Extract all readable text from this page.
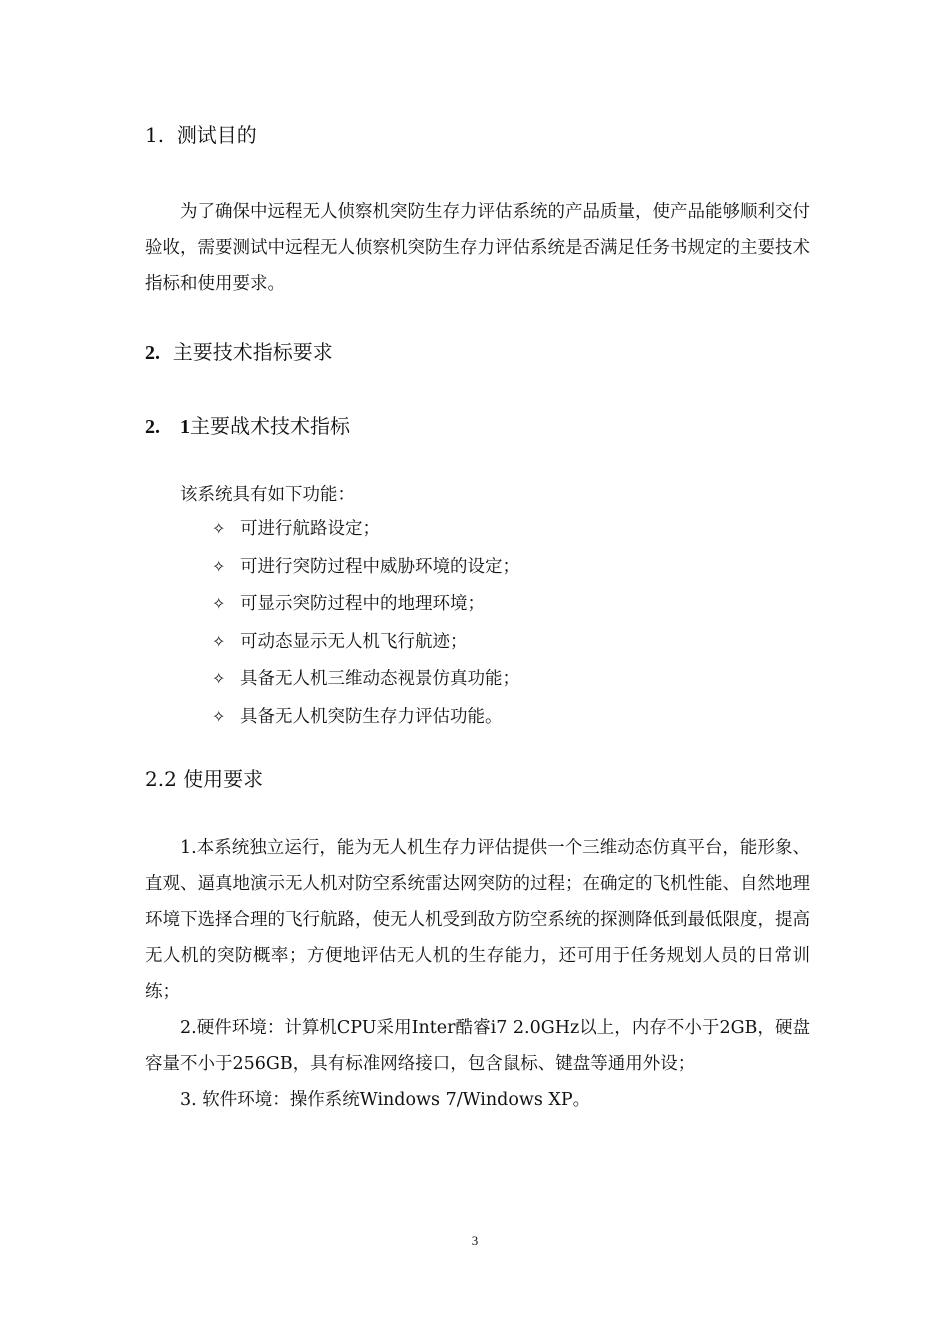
1. 测试目的
为了确保中远程无人侦察机突防生存力评估系统的产品质量，使产品能够顺利交付验收，需要测试中远程无人侦察机突防生存力评估系统是否满足任务书规定的主要技术指标和使用要求。
2. 主要技术指标要求
2. 1主要战术技术指标
该系统具有如下功能：
✧ 可进行航路设定；
✧ 可进行突防过程中威胁环境的设定；
✧ 可显示突防过程中的地理环境；
✧ 可动态显示无人机飞行航迹；
✧ 具备无人机三维动态视景仿真功能；
✧ 具备无人机突防生存力评估功能。
2.2 使用要求
1.本系统独立运行，能为无人机生存力评估提供一个三维动态仿真平台，能形象、直观、逼真地演示无人机对防空系统雷达网突防的过程；在确定的飞机性能、自然地理环境下选择合理的飞行航路，使无人机受到敌方防空系统的探测降低到最低限度，提高无人机的突防概率；方便地评估无人机的生存能力，还可用于任务规划人员的日常训练；
2.硬件环境：计算机CPU采用Inter酷睿i7 2.0GHz以上，内存不小于2GB，硬盘容量不小于256GB，具有标准网络接口，包含鼠标、键盘等通用外设；
3. 软件环境：操作系统Windows 7/Windows XP。
3
